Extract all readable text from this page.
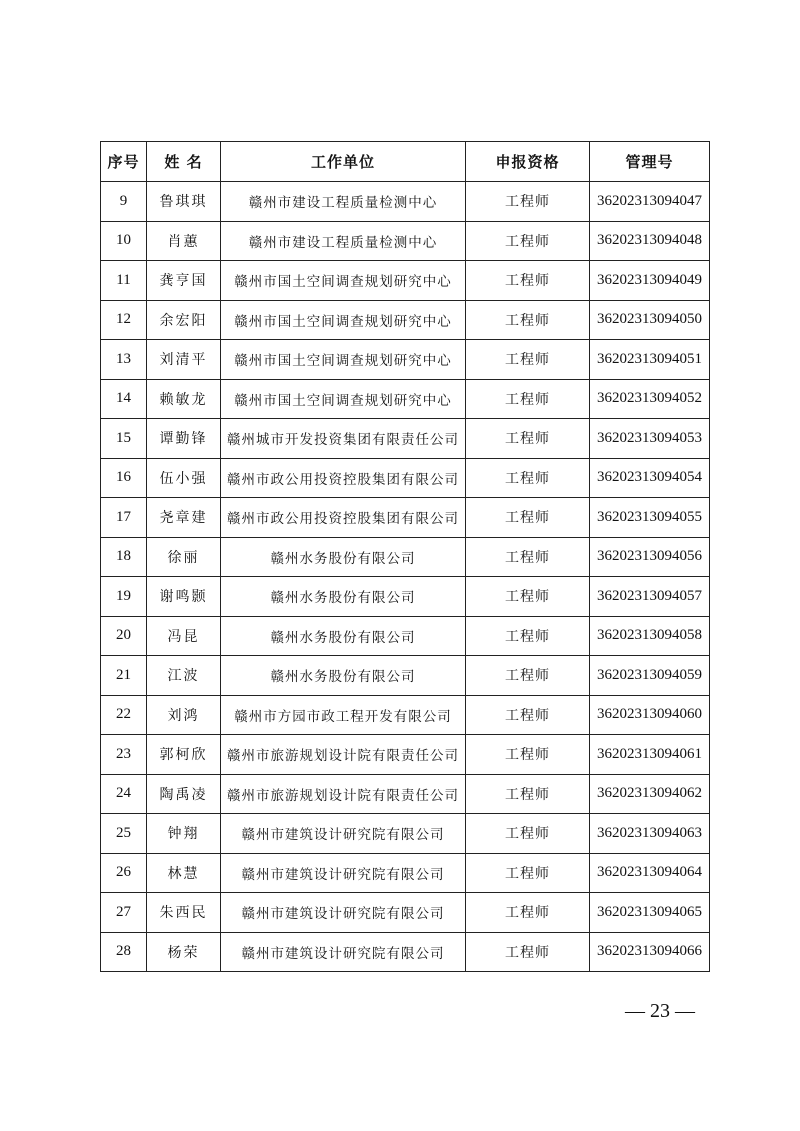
序号	姓 名	工作单位	申报资格	管理号
9	鲁琪琪	赣州市建设工程质量检测中心	工程师	36202313094047
10	肖蕙	赣州市建设工程质量检测中心	工程师	36202313094048
11	龚亨国	赣州市国土空间调查规划研究中心	工程师	36202313094049
12	余宏阳	赣州市国土空间调查规划研究中心	工程师	36202313094050
13	刘清平	赣州市国土空间调查规划研究中心	工程师	36202313094051
14	赖敏龙	赣州市国土空间调查规划研究中心	工程师	36202313094052
15	谭勤锋	赣州城市开发投资集团有限责任公司	工程师	36202313094053
16	伍小强	赣州市政公用投资控股集团有限公司	工程师	36202313094054
17	尧章建	赣州市政公用投资控股集团有限公司	工程师	36202313094055
18	徐丽	赣州水务股份有限公司	工程师	36202313094056
19	谢鸣颢	赣州水务股份有限公司	工程师	36202313094057
20	冯昆	赣州水务股份有限公司	工程师	36202313094058
21	江波	赣州水务股份有限公司	工程师	36202313094059
22	刘鸿	赣州市方园市政工程开发有限公司	工程师	36202313094060
23	郭柯欣	赣州市旅游规划设计院有限责任公司	工程师	36202313094061
24	陶禹凌	赣州市旅游规划设计院有限责任公司	工程师	36202313094062
25	钟翔	赣州市建筑设计研究院有限公司	工程师	36202313094063
26	林慧	赣州市建筑设计研究院有限公司	工程师	36202313094064
27	朱西民	赣州市建筑设计研究院有限公司	工程师	36202313094065
28	杨荣	赣州市建筑设计研究院有限公司	工程师	36202313094066
— 23 —
